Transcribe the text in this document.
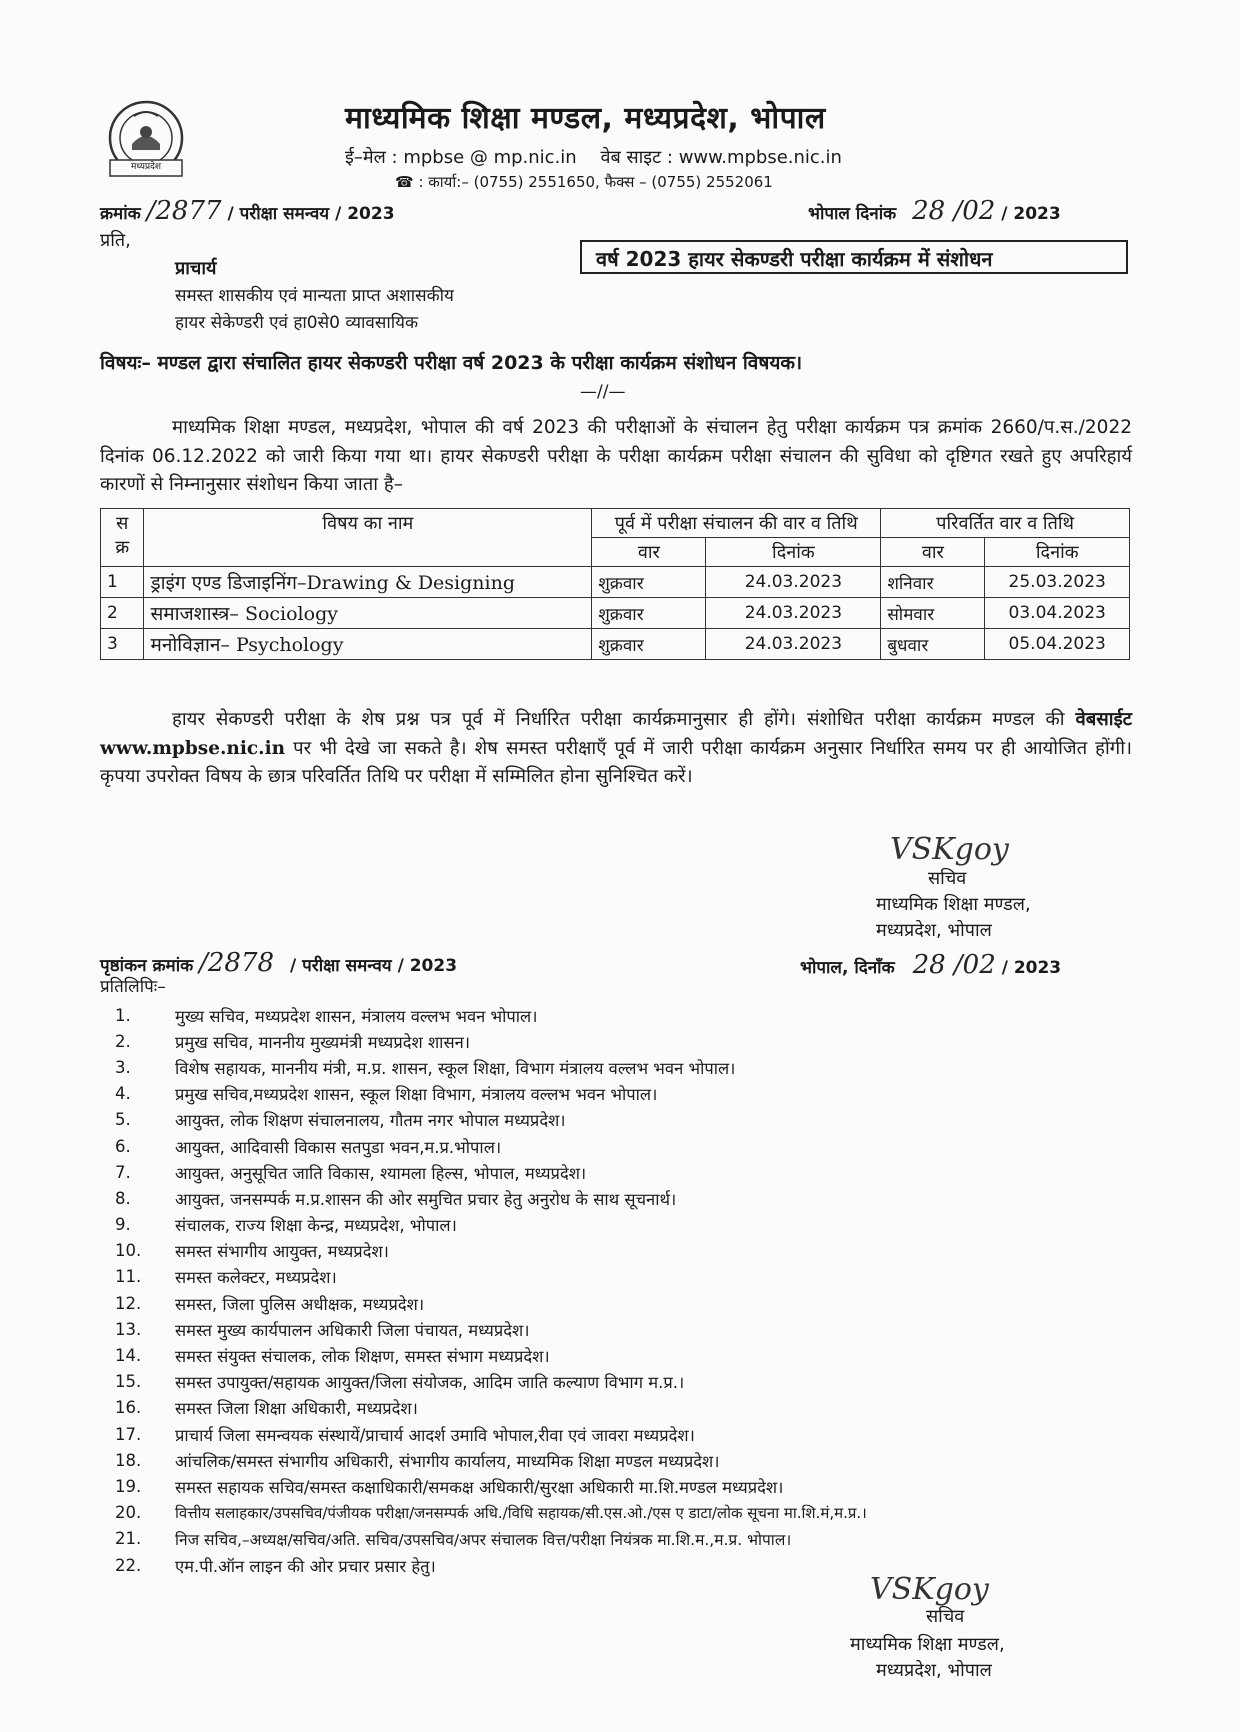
मध्यप्रदेश
माध्यमिक शिक्षा मण्डल, मध्यप्रदेश, भोपाल
ई–मेल : mpbse @ mp.nic.in वेब साइट : www.mpbse.nic.in
☎ : कार्या:– (0755) 2551650, फैक्स – (0755) 2552061
क्रमांक /2877 / परीक्षा समन्वय / 2023	भोपाल दिनांक 28 /02 / 2023
प्रति,
वर्ष 2023 हायर सेकण्डरी परीक्षा कार्यक्रम में संशोधन
प्राचार्य
समस्त शासकीय एवं मान्यता प्राप्त अशासकीय
हायर सेकेण्डरी एवं हा0से0 व्यावसायिक
विषयः– मण्डल द्वारा संचालित हायर सेकण्डरी परीक्षा वर्ष 2023 के परीक्षा कार्यक्रम संशोधन विषयक।
—//—
माध्यमिक शिक्षा मण्डल, मध्यप्रदेश, भोपाल की वर्ष 2023 की परीक्षाओं के संचालन हेतु परीक्षा कार्यक्रम पत्र क्रमांक 2660/प.स./2022 दिनांक 06.12.2022 को जारी किया गया था। हायर सेकण्डरी परीक्षा के परीक्षा कार्यक्रम परीक्षा संचालन की सुविधा को दृष्टिगत रखते हुए अपरिहार्य कारणों से निम्नानुसार संशोधन किया जाता है–
स क्र	विषय का नाम	पूर्व में परीक्षा संचालन की वार व तिथि		परिवर्तित वार व तिथि	
		वार	दिनांक	वार	दिनांक
1	ड्राइंग एण्ड डिजाइनिंग–Drawing & Designing	शुक्रवार	24.03.2023	शनिवार	25.03.2023
2	समाजशास्त्र– Sociology	शुक्रवार	24.03.2023	सोमवार	03.04.2023
3	मनोविज्ञान– Psychology	शुक्रवार	24.03.2023	बुधवार	05.04.2023
हायर सेकण्डरी परीक्षा के शेष प्रश्न पत्र पूर्व में निर्धारित परीक्षा कार्यक्रमानुसार ही होंगे। संशोधित परीक्षा कार्यक्रम मण्डल की वेबसाईट www.mpbse.nic.in पर भी देखे जा सकते है। शेष समस्त परीक्षाएँ पूर्व में जारी परीक्षा कार्यक्रम अनुसार निर्धारित समय पर ही आयोजित होंगी। कृपया उपरोक्त विषय के छात्र परिवर्तित तिथि पर परीक्षा में सम्मिलित होना सुनिश्चित करें।
VSKgoy
सचिव
माध्यमिक शिक्षा मण्डल,
मध्यप्रदेश, भोपाल
पृष्ठांकन क्रमांक /2878 / परीक्षा समन्वय / 2023
प्रतिलिपिः–
भोपाल, दिनाँक 28 /02 / 2023
1.	मुख्य सचिव, मध्यप्रदेश शासन, मंत्रालय वल्लभ भवन भोपाल।
2.	प्रमुख सचिव, माननीय मुख्यमंत्री मध्यप्रदेश शासन।
3.	विशेष सहायक, माननीय मंत्री, म.प्र. शासन, स्कूल शिक्षा, विभाग मंत्रालय वल्लभ भवन भोपाल।
4.	प्रमुख सचिव,मध्यप्रदेश शासन, स्कूल शिक्षा विभाग, मंत्रालय वल्लभ भवन भोपाल।
5.	आयुक्त, लोक शिक्षण संचालनालय, गौतम नगर भोपाल मध्यप्रदेश।
6.	आयुक्त, आदिवासी विकास सतपुडा भवन,म.प्र.भोपाल।
7.	आयुक्त, अनुसूचित जाति विकास, श्यामला हिल्स, भोपाल, मध्यप्रदेश।
8.	आयुक्त, जनसम्पर्क म.प्र.शासन की ओर समुचित प्रचार हेतु अनुरोध के साथ सूचनार्थ।
9.	संचालक, राज्य शिक्षा केन्द्र, मध्यप्रदेश, भोपाल।
10.	समस्त संभागीय आयुक्त, मध्यप्रदेश।
11.	समस्त कलेक्टर, मध्यप्रदेश।
12.	समस्त, जिला पुलिस अधीक्षक, मध्यप्रदेश।
13.	समस्त मुख्य कार्यपालन अधिकारी जिला पंचायत, मध्यप्रदेश।
14.	समस्त संयुक्त संचालक, लोक शिक्षण, समस्त संभाग मध्यप्रदेश।
15.	समस्त उपायुक्त/सहायक आयुक्त/जिला संयोजक, आदिम जाति कल्याण विभाग म.प्र.।
16.	समस्त जिला शिक्षा अधिकारी, मध्यप्रदेश।
17.	प्राचार्य जिला समन्वयक संस्थायें/प्राचार्य आदर्श उमावि भोपाल,रीवा एवं जावरा मध्यप्रदेश।
18.	आंचलिक/समस्त संभागीय अधिकारी, संभागीय कार्यालय, माध्यमिक शिक्षा मण्डल मध्यप्रदेश।
19.	समस्त सहायक सचिव/समस्त कक्षाधिकारी/समकक्ष अधिकारी/सुरक्षा अधिकारी मा.शि.मण्डल मध्यप्रदेश।
20.	वित्तीय सलाहकार/उपसचिव/पंजीयक परीक्षा/जनसम्पर्क अधि./विधि सहायक/सी.एस.ओ./एस ए डाटा/लोक सूचना मा.शि.मं,म.प्र.।
21.	निज सचिव,–अध्यक्ष/सचिव/अति. सचिव/उपसचिव/अपर संचालक वित्त/परीक्षा नियंत्रक मा.शि.म.,म.प्र. भोपाल।
22.	एम.पी.ऑन लाइन की ओर प्रचार प्रसार हेतु।
VSKgoy
सचिव
माध्यमिक शिक्षा मण्डल,
मध्यप्रदेश, भोपाल
